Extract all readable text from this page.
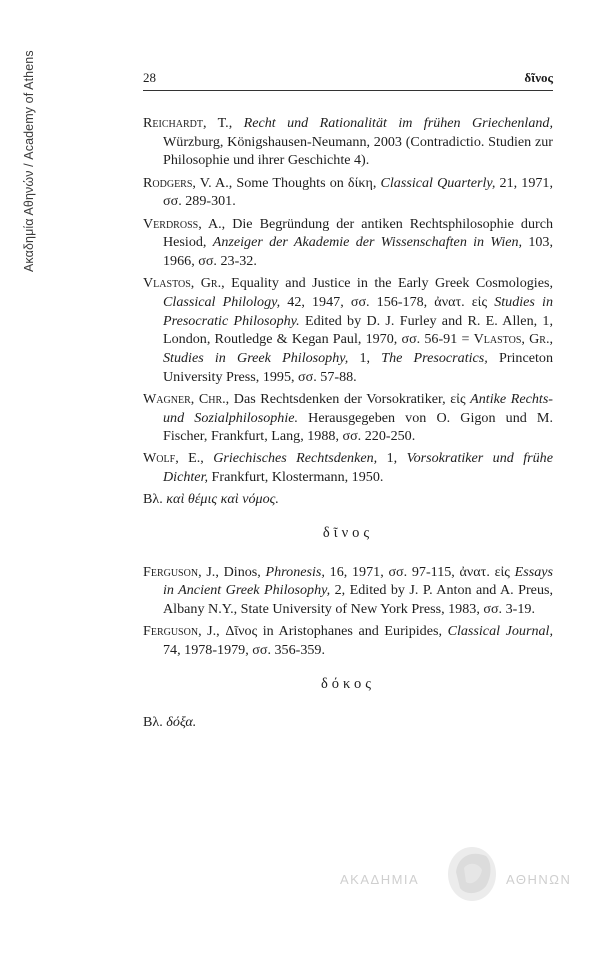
Ακαδημία Αθηνών / Academy of Athens	28	δῖνος

Reichardt, T., Recht und Rationalität im frühen Griechenland, Würzburg, Königshausen-Neumann, 2003 (Contradictio. Studien zur Philosophie und ihrer Geschichte 4).

Rodgers, V. A., Some Thoughts on δίκη, Classical Quarterly, 21, 1971, σσ. 289-301.

Verdross, A., Die Begründung der antiken Rechtsphilosophie durch Hesiod, Anzeiger der Akademie der Wissenschaften in Wien, 103, 1966, σσ. 23-32.

Vlastos, Gr., Equality and Justice in the Early Greek Cosmologies, Classical Philology, 42, 1947, σσ. 156-178, ἀνατ. εἰς Studies in Presocratic Philosophy. Edited by D. J. Furley and R. E. Allen, 1, London, Routledge & Kegan Paul, 1970, σσ. 56-91 = Vlastos, Gr., Studies in Greek Philosophy, 1, The Presocratics, Princeton University Press, 1995, σσ. 57-88.

Wagner, Chr., Das Rechtsdenken der Vorsokratiker, εἰς Antike Rechts- und Sozialphilosophie. Herausgegeben von O. Gigon und M. Fischer, Frankfurt, Lang, 1988, σσ. 220-250.

Wolf, E., Griechisches Rechtsdenken, 1, Vorsokratiker und frühe Dichter, Frankfurt, Klostermann, 1950.

Βλ. καὶ θέμις καὶ νόμος.

δῖνος

Ferguson, J., Dinos, Phronesis, 16, 1971, σσ. 97-115, ἀνατ. εἰς Essays in Ancient Greek Philosophy, 2, Edited by J. P. Anton and A. Preus, Albany N.Y., State University of New York Press, 1983, σσ. 3-19.

Ferguson, J., Δῖνος in Aristophanes and Euripides, Classical Journal, 74, 1978-1979, σσ. 356-359.

δόκος

Βλ. δόξα.

ΑΚΑΔΗΜΙΑ	ΑΘΗΝΩΝ
